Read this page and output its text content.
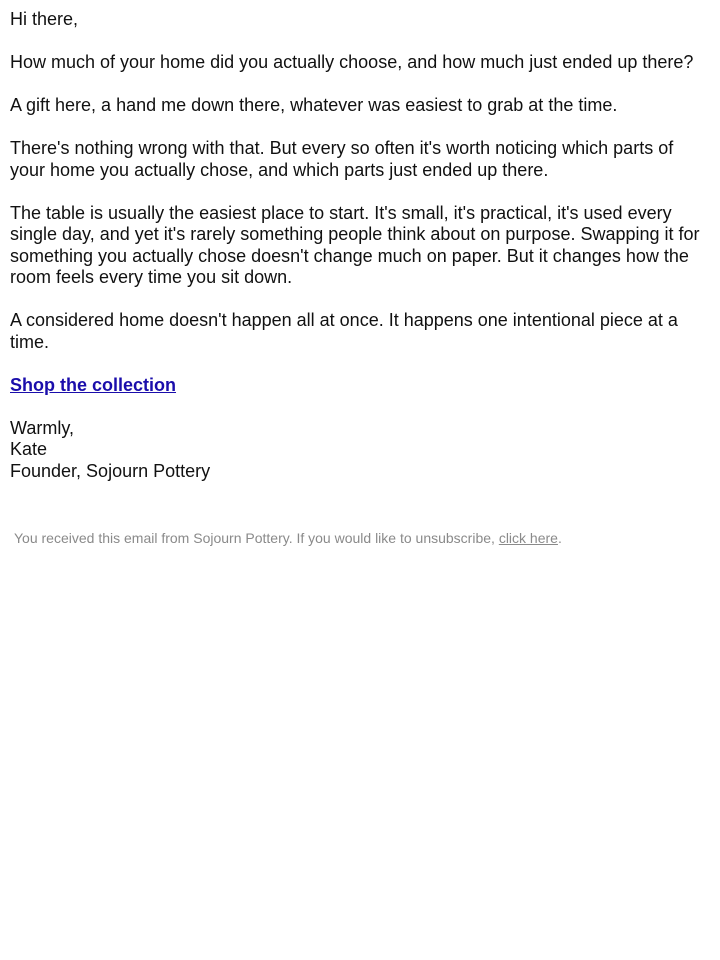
Hi there,

How much of your home did you actually choose, and how much just ended up there?

A gift here, a hand me down there, whatever was easiest to grab at the time.

There's nothing wrong with that. But every so often it's worth noticing which parts of your home you actually chose, and which parts just ended up there.

The table is usually the easiest place to start. It's small, it's practical, it's used every single day, and yet it's rarely something people think about on purpose. Swapping it for something you actually chose doesn't change much on paper. But it changes how the room feels every time you sit down.

A considered home doesn't happen all at once. It happens one intentional piece at a time.

Shop the collection

Warmly,
Kate
Founder, Sojourn Pottery
You received this email from Sojourn Pottery. If you would like to unsubscribe, click here.
